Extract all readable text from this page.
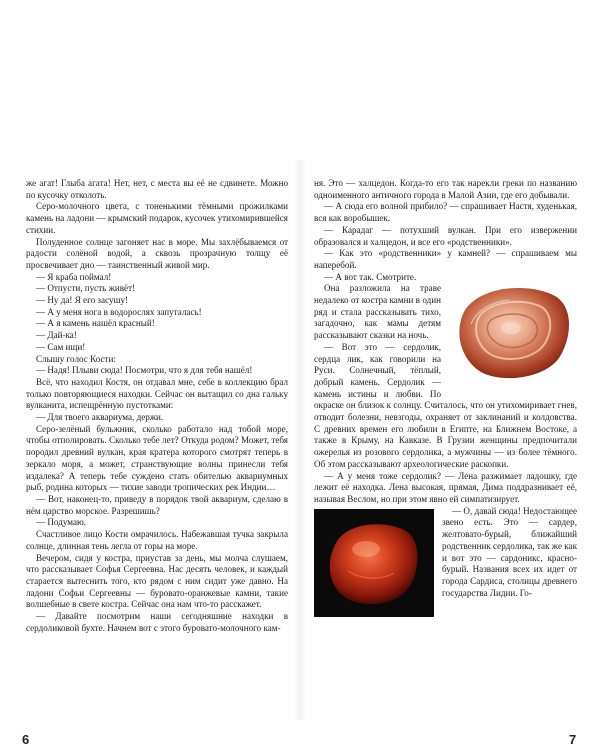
же агат! Глыба агата! Нет, нет, с места вы её не сдвинете. Можно по кусочку отколоть.

Серо-молочного цвета, с тоненькими тёмными прожилками камень на ладони — крымский подарок, кусочек утихомирившейся стихии.

Полуденное солнце загоняет нас в море. Мы захлёбываемся от радости солёной водой, а сквозь прозрачную толщу её просвечивает дно — таинственный живой мир.

— Я краба поймал!

— Отпусти, пусть живёт!

— Ну да! Я его засушу!

— А у меня нога в водорослях запуталась!

— А я камень нашёл красный!

— Дай-ка!

— Сам ищи!

Слышу голос Кости:

— Надя! Плыви сюда! Посмотри, что я для тебя нашёл!

Всё, что находил Костя, он отдавал мне, себе в коллекцию брал только повторяющиеся находки. Сейчас он вытащил со дна гальку вулканита, испещрённую пустотками:

— Для твоего аквариума, держи.

Серо-зелёный бульжник, сколько работало над тобой море, чтобы отполировать. Сколько тебе лет? Откуда родом? Может, тебя породил древний вулкан, края кратера которого смотрят теперь в зеркало моря, а может, странствующие волны принесли тебя издалека? А теперь тебе суждено стать обителью аквариумных рыб, родина которых — тихие заводи тропических рек Индии…

— Вот, наконец-то, приведу в порядок твой аквариум, сделаю в нём царство морское. Разрешишь?

— Подумаю.

Счастливое лицо Кости омрачилось. Набежавшая тучка закрыла солнце, длинная тень легла от горы на море.

Вечером, сидя у костра, приустав за день, мы молча слушаем, что рассказывает Софья Сергеевна. Нас десять человек, и каждый старается вытеснить того, кто рядом с ним сидит уже давно. На ладони Софьи Сергеевны — буровато-оранжевые камни, такие волшебные в свете костра. Сейчас она нам что-то расскажет.

— Давайте посмотрим наши сегодняшние находки в сердоликовой бухте. Начнем вот с этого буровато-молочного кам-

ня. Это — халцедон. Когда-то его так нарекли греки по названию одноименного античного города в Малой Азии, где его добывали.

— А сюда его волной прибило? — спрашивает Настя, худенькая, вся как воробышек.

— Карадаг — потухший вулкан. При его извержении образовался и халцедон, и все его «родственники».

— Как это «родственники» у камней? — спрашиваем мы наперебой.

— А вот так. Смотрите.

Она разложила на траве недалеко от костра камни в один ряд и стала рассказывать тихо, загадочно, как мамы детям рассказывают сказки на ночь.

— Вот это — сердолик, сердца лик, как говорили на Руси. Солнечный, тёплый, добрый камень. Сердолик — камень истины и любви. По окраске он близок к солнцу. Считалось, что он утихомиривает гнев, отводит болезни, невзгоды, охраняет от заклинаний и колдовства. С древних времен его любили в Египте, на Ближнем Востоке, а также в Крыму, на Кавказе. В Грузии женщины предпочитали ожерелья из розового сердолика, а мужчины — из более тёмного. Об этом рассказывают археологические раскопки.

— А у меня тоже сердолик? — Лена разжимает ладошку, где лежит её находка. Лена высокая, прямая, Дима поддразнивает её, называя Веслом, но при этом явно ей симпатизирует.

— О, давай сюда! Недостающее звено есть. Это — сардер, желтовато-бурый, ближайший родственник сердолика, так же как и вот это — сардоникс, красно-бурый. Названия всех их идет от города Сардиса, столицы древнего государства Лидии. Го-

6	7
